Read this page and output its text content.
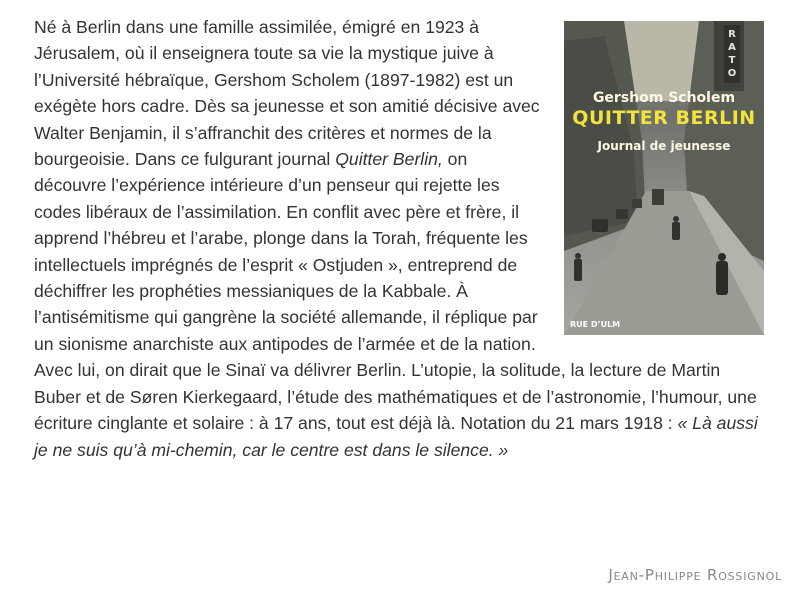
R
A
T
O
Gershom Scholem
QUITTER BERLIN
Journal de jeunesse
RUE D’ULM

Né à Berlin dans une famille assimilée, émigré en 1923 à Jérusalem, où il enseignera toute sa vie la mystique juive à l’Université hébraïque, Gershom Scholem (1897-1982) est un exégète hors cadre. Dès sa jeunesse et son amitié décisive avec Walter Benjamin, il s’affranchit des critères et normes de la bourgeoisie. Dans ce fulgurant journal Quitter Berlin, on découvre l’expérience intérieure d’un penseur qui rejette les codes libéraux de l’assimilation. En conflit avec père et frère, il apprend l’hébreu et l’arabe, plonge dans la Torah, fréquente les intellectuels imprégnés de l’esprit « Ostjuden », entreprend de déchiffrer les prophéties messianiques de la Kabbale. À l’antisémitisme qui gangrène la société allemande, il réplique par un sionisme anarchiste aux antipodes de l’armée et de la nation. Avec lui, on dirait que le Sinaï va délivrer Berlin. L’utopie, la solitude, la lecture de Martin Buber et de Søren Kierkegaard, l’étude des mathématiques et de l’astronomie, l’humour, une écriture cinglante et solaire : à 17 ans, tout est déjà là. Notation du 21 mars 1918 : « Là aussi je ne suis qu’à mi-chemin, car le centre est dans le silence. »

Jean-Philippe Rossignol
